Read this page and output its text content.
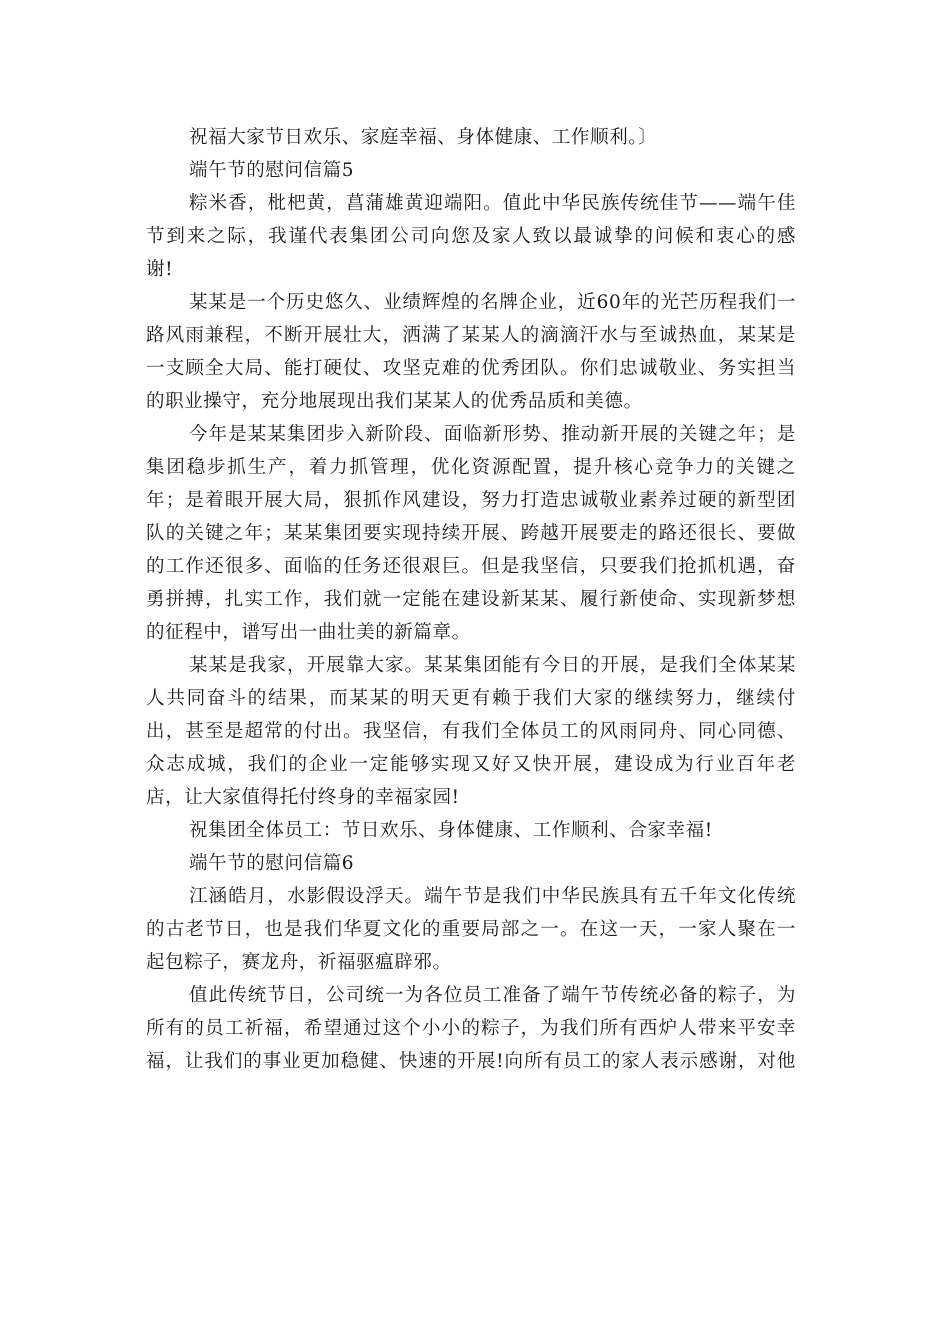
祝福大家节日欢乐、家庭幸福、身体健康、工作顺利。〕
端午节的慰问信篇5
粽米香，枇杷黄，菖蒲雄黄迎端阳。值此中华民族传统佳节——端午佳
节到来之际，我谨代表集团公司向您及家人致以最诚挚的问候和衷心的感
谢!
某某是一个历史悠久、业绩辉煌的名牌企业，近60年的光芒历程我们一
路风雨兼程，不断开展壮大，洒满了某某人的滴滴汗水与至诚热血，某某是
一支顾全大局、能打硬仗、攻坚克难的优秀团队。你们忠诚敬业、务实担当
的职业操守，充分地展现出我们某某人的优秀品质和美德。
今年是某某集团步入新阶段、面临新形势、推动新开展的关键之年；是
集团稳步抓生产，着力抓管理，优化资源配置，提升核心竞争力的关键之
年；是着眼开展大局，狠抓作风建设，努力打造忠诚敬业素养过硬的新型团
队的关键之年；某某集团要实现持续开展、跨越开展要走的路还很长、要做
的工作还很多、面临的任务还很艰巨。但是我坚信，只要我们抢抓机遇，奋
勇拼搏，扎实工作，我们就一定能在建设新某某、履行新使命、实现新梦想
的征程中，谱写出一曲壮美的新篇章。
某某是我家，开展靠大家。某某集团能有今日的开展，是我们全体某某
人共同奋斗的结果，而某某的明天更有赖于我们大家的继续努力，继续付
出，甚至是超常的付出。我坚信，有我们全体员工的风雨同舟、同心同德、
众志成城，我们的企业一定能够实现又好又快开展，建设成为行业百年老
店，让大家值得托付终身的幸福家园!
祝集团全体员工：节日欢乐、身体健康、工作顺利、合家幸福!
端午节的慰问信篇6
江涵皓月，水影假设浮天。端午节是我们中华民族具有五千年文化传统
的古老节日，也是我们华夏文化的重要局部之一。在这一天，一家人聚在一
起包粽子，赛龙舟，祈福驱瘟辟邪。
值此传统节日，公司统一为各位员工准备了端午节传统必备的粽子，为
所有的员工祈福，希望通过这个小小的粽子，为我们所有西炉人带来平安幸
福，让我们的事业更加稳健、快速的开展!向所有员工的家人表示感谢，对他
